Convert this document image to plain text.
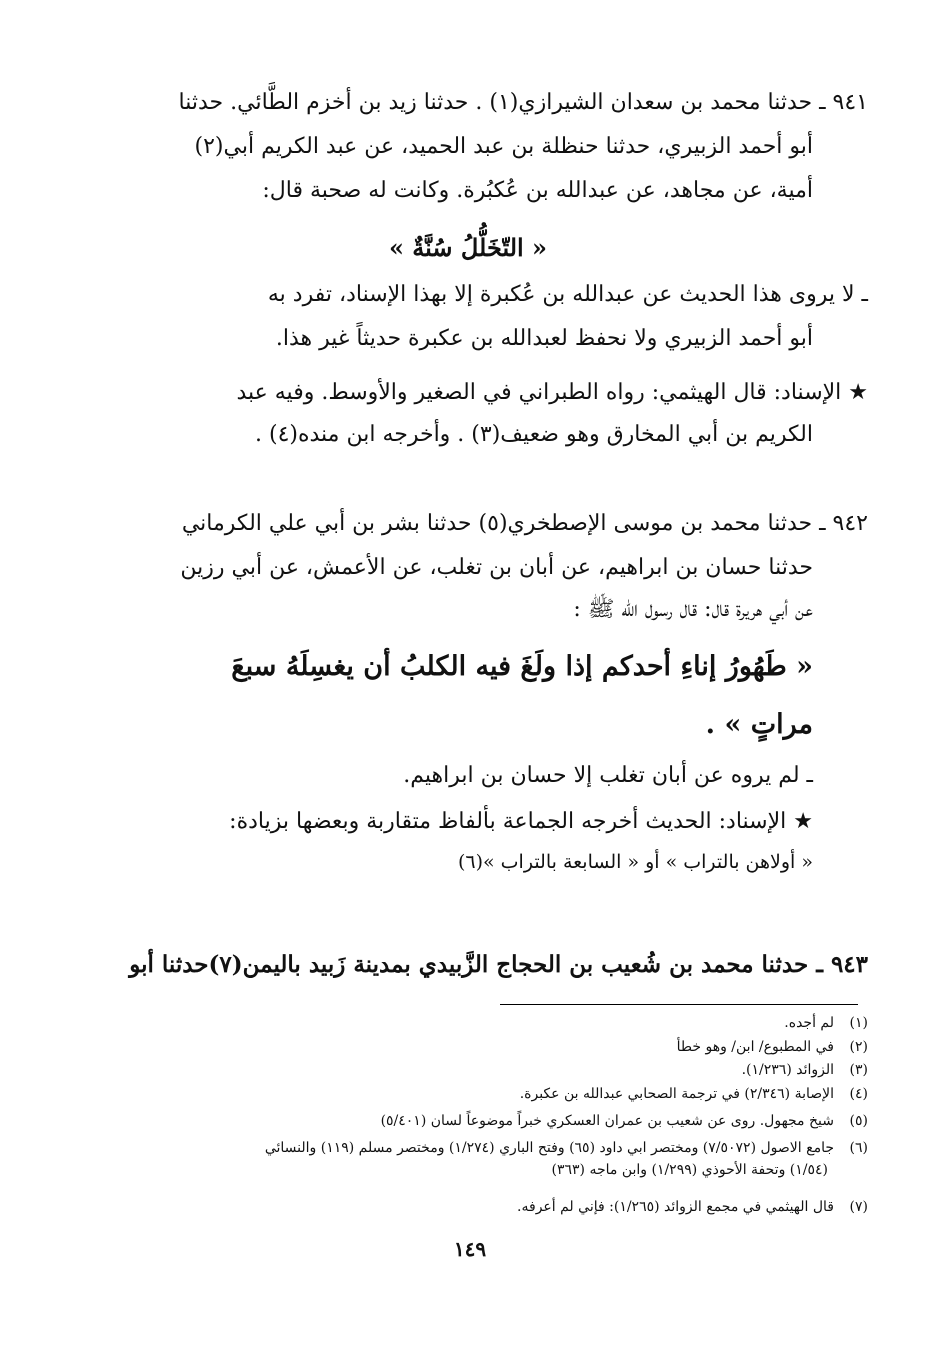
٩٤١ ـ حدثنا محمد بن سعدان الشيرازي(١) . حدثنا زيد بن أخزم الطَّائي. حدثنا

أبو أحمد الزبيري، حدثنا حنظلة بن عبد الحميد، عن عبد الكريم أبي(٢)

أمية، عن مجاهد، عن عبدالله بن عُكبُرة. وكانت له صحبة قال:

« التّخَلُّلُ سُنَّةٌ »

ـ لا يروى هذا الحديث عن عبدالله بن عُكبرة إلا بهذا الإسناد، تفرد به

أبو أحمد الزبيري ولا نحفظ لعبدالله بن عكبرة حديثاً غير هذا.

★ الإسناد: قال الهيثمي: رواه الطبراني في الصغير والأوسط. وفيه عبد

الكريم بن أبي المخارق وهو ضعيف(٣) . وأخرجه ابن منده(٤) .

٩٤٢ ـ حدثنا محمد بن موسى الإصطخري(٥) حدثنا بشر بن أبي علي الكرماني

حدثنا حسان بن ابراهيم، عن أبان بن تغلب، عن الأعمش، عن أبي رزين

عن أبي هريرة قال: قال رسول الله ﷺ :

« طَهُورُ إناءِ أحدكم إذا ولَغَ فيه الكلبُ أن يغسِلَهُ سبعَ

مراتٍ » .

ـ لم يروه عن أبان تغلب إلا حسان بن ابراهيم.

★ الإسناد: الحديث أخرجه الجماعة بألفاظ متقاربة وبعضها بزيادة:

« أولاهن بالتراب » أو « السابعة بالتراب »(٦)

٩٤٣ ـ حدثنا محمد بن شُعيب بن الحجاج الزَّبيدي بمدينة زَبيد باليمن(٧)حدثنا أبو

(١)لم أجده.
(٢)في المطبوع/ ابن/ وهو خطأ
(٣)الزوائد (١/٢٣٦).
(٤)الإصابة (٢/٣٤٦) في ترجمة الصحابي عبدالله بن عكبرة.
(٥)شيخ مجهول. روى عن شعيب بن عمران العسكري خبراً موضوعاً لسان (٥/٤٠١)
(٦)جامع الاصول (٧/٥٠٧٢) ومختصر ابي داود (٦٥) وفتح الباري (١/٢٧٤) ومختصر مسلم (١١٩) والنسائي
(١/٥٤) وتحفة الأحوذي (١/٢٩٩) وابن ماجه (٣٦٣)
(٧)قال الهيثمي في مجمع الزوائد (١/٢٦٥): فإني لم أعرفه.
١٤٩
